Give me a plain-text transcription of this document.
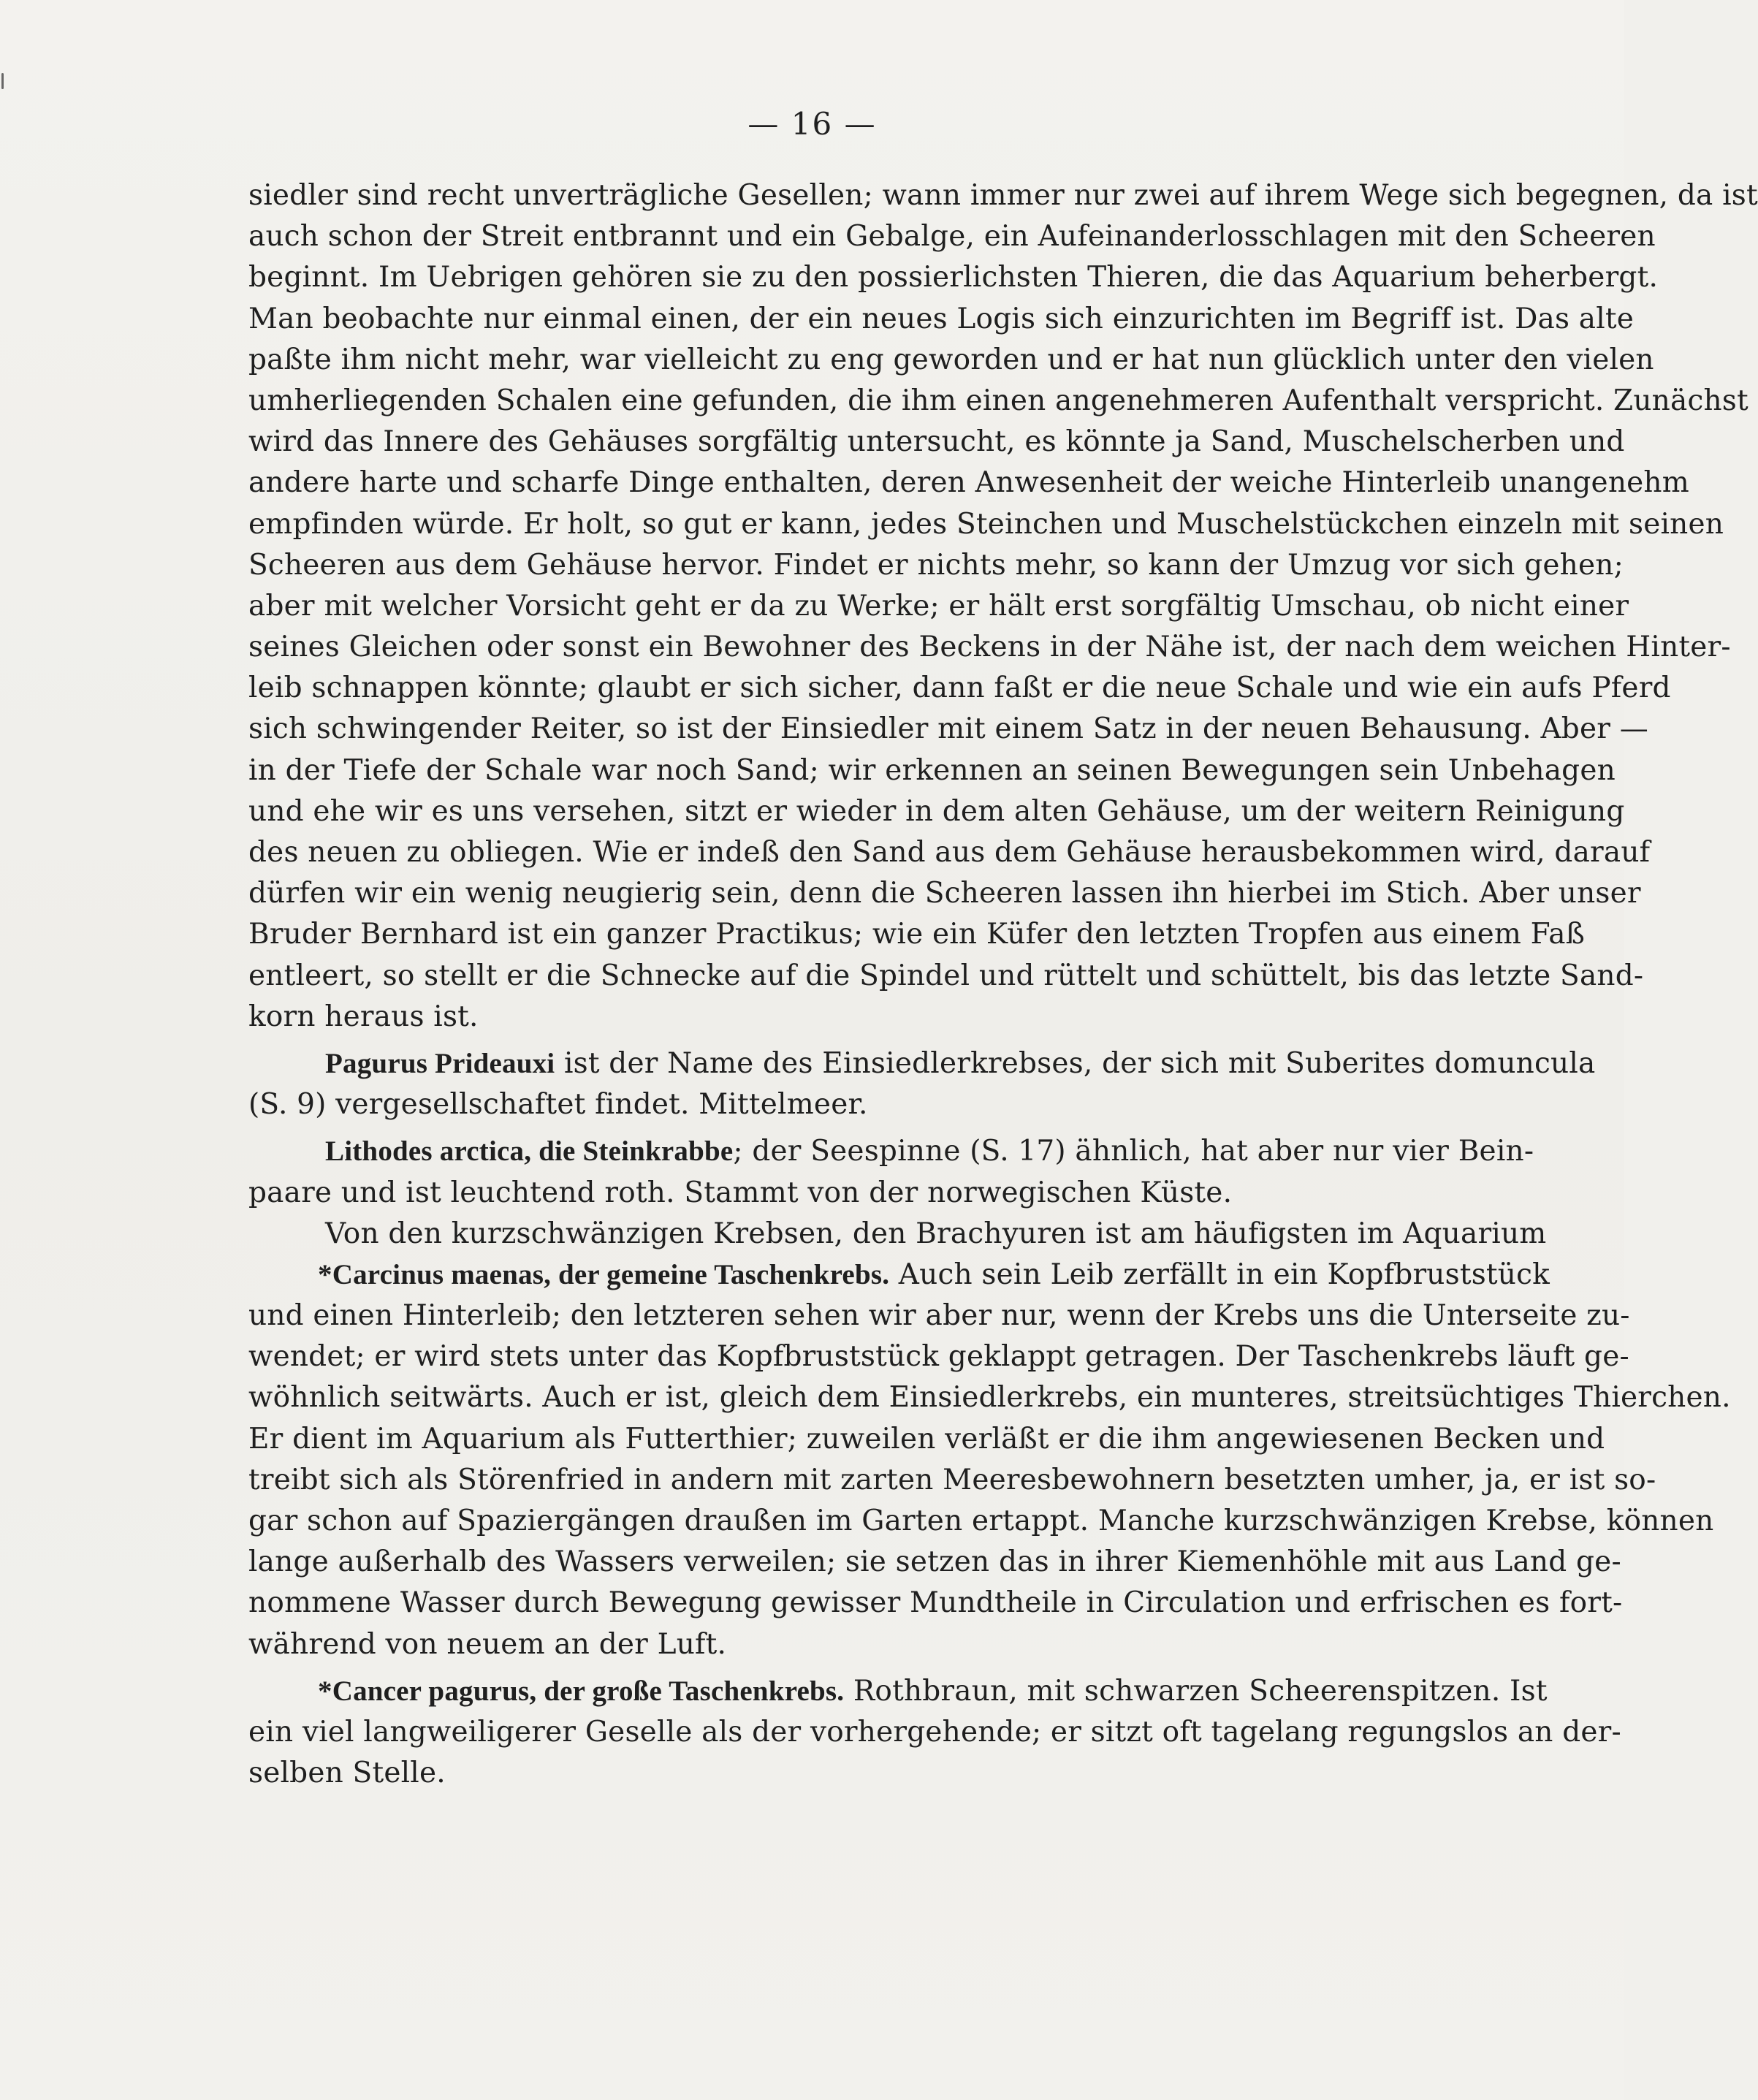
— 16 —
siedler sind recht unverträgliche Gesellen; wann immer nur zwei auf ihrem Wege sich begegnen, da ist
auch schon der Streit entbrannt und ein Gebalge, ein Aufeinanderlosschlagen mit den Scheeren
beginnt. Im Uebrigen gehören sie zu den possierlichsten Thieren, die das Aquarium beherbergt.
Man beobachte nur einmal einen, der ein neues Logis sich einzurichten im Begriff ist. Das alte
paßte ihm nicht mehr, war vielleicht zu eng geworden und er hat nun glücklich unter den vielen
umherliegenden Schalen eine gefunden, die ihm einen angenehmeren Aufenthalt verspricht. Zunächst
wird das Innere des Gehäuses sorgfältig untersucht, es könnte ja Sand, Muschelscherben und
andere harte und scharfe Dinge enthalten, deren Anwesenheit der weiche Hinterleib unangenehm
empfinden würde. Er holt, so gut er kann, jedes Steinchen und Muschelstückchen einzeln mit seinen
Scheeren aus dem Gehäuse hervor. Findet er nichts mehr, so kann der Umzug vor sich gehen;
aber mit welcher Vorsicht geht er da zu Werke; er hält erst sorgfältig Umschau, ob nicht einer
seines Gleichen oder sonst ein Bewohner des Beckens in der Nähe ist, der nach dem weichen Hinter-
leib schnappen könnte; glaubt er sich sicher, dann faßt er die neue Schale und wie ein aufs Pferd
sich schwingender Reiter, so ist der Einsiedler mit einem Satz in der neuen Behausung. Aber —
in der Tiefe der Schale war noch Sand; wir erkennen an seinen Bewegungen sein Unbehagen
und ehe wir es uns versehen, sitzt er wieder in dem alten Gehäuse, um der weitern Reinigung
des neuen zu obliegen. Wie er indeß den Sand aus dem Gehäuse herausbekommen wird, darauf
dürfen wir ein wenig neugierig sein, denn die Scheeren lassen ihn hierbei im Stich. Aber unser
Bruder Bernhard ist ein ganzer Practikus; wie ein Küfer den letzten Tropfen aus einem Faß
entleert, so stellt er die Schnecke auf die Spindel und rüttelt und schüttelt, bis das letzte Sand-
korn heraus ist.
Pagurus Prideauxi ist der Name des Einsiedlerkrebses, der sich mit Suberites domuncula
(S. 9) vergesellschaftet findet. Mittelmeer.
Lithodes arctica, die Steinkrabbe; der Seespinne (S. 17) ähnlich, hat aber nur vier Bein-
paare und ist leuchtend roth. Stammt von der norwegischen Küste.
Von den kurzschwänzigen Krebsen, den Brachyuren ist am häufigsten im Aquarium
*Carcinus maenas, der gemeine Taschenkrebs. Auch sein Leib zerfällt in ein Kopfbruststück
und einen Hinterleib; den letzteren sehen wir aber nur, wenn der Krebs uns die Unterseite zu-
wendet; er wird stets unter das Kopfbruststück geklappt getragen. Der Taschenkrebs läuft ge-
wöhnlich seitwärts. Auch er ist, gleich dem Einsiedlerkrebs, ein munteres, streitsüchtiges Thierchen.
Er dient im Aquarium als Futterthier; zuweilen verläßt er die ihm angewiesenen Becken und
treibt sich als Störenfried in andern mit zarten Meeresbewohnern besetzten umher, ja, er ist so-
gar schon auf Spaziergängen draußen im Garten ertappt. Manche kurzschwänzigen Krebse, können
lange außerhalb des Wassers verweilen; sie setzen das in ihrer Kiemenhöhle mit aus Land ge-
nommene Wasser durch Bewegung gewisser Mundtheile in Circulation und erfrischen es fort-
während von neuem an der Luft.
*Cancer pagurus, der große Taschenkrebs. Rothbraun, mit schwarzen Scheerenspitzen. Ist
ein viel langweiligerer Geselle als der vorhergehende; er sitzt oft tagelang regungslos an der-
selben Stelle.
